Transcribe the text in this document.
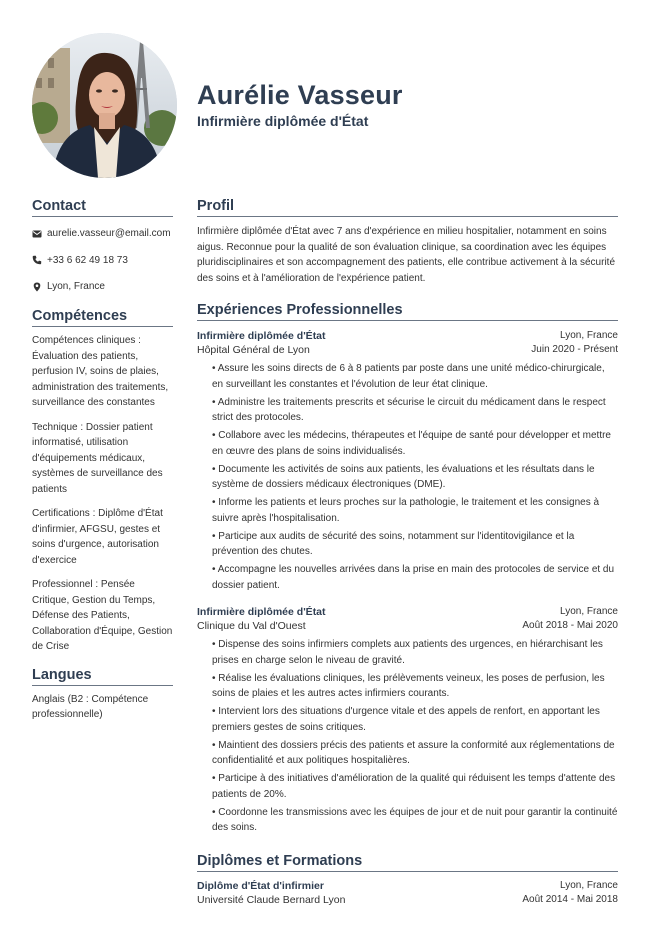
Aurélie Vasseur
Infirmière diplômée d'État
Contact
aurelie.vasseur@email.com
+33 6 62 49 18 73
Lyon, France
Compétences
Compétences cliniques : Évaluation des patients, perfusion IV, soins de plaies, administration des traitements, surveillance des constantes
Technique : Dossier patient informatisé, utilisation d'équipements médicaux, systèmes de surveillance des patients
Certifications : Diplôme d'État d'infirmier, AFGSU, gestes et soins d'urgence, autorisation d'exercice
Professionnel : Pensée Critique, Gestion du Temps, Défense des Patients, Collaboration d'Équipe, Gestion de Crise
Langues
Anglais (B2 : Compétence professionnelle)
Profil
Infirmière diplômée d'État avec 7 ans d'expérience en milieu hospitalier, notamment en soins aigus. Reconnue pour la qualité de son évaluation clinique, sa coordination avec les équipes pluridisciplinaires et son accompagnement des patients, elle contribue activement à la sécurité des soins et à l'amélioration de l'expérience patient.
Expériences Professionnelles
Infirmière diplômée d'État	Lyon, France
Hôpital Général de Lyon	Juin 2020 - Présent
• Assure les soins directs de 6 à 8 patients par poste dans une unité médico-chirurgicale, en surveillant les constantes et l'évolution de leur état clinique.
• Administre les traitements prescrits et sécurise le circuit du médicament dans le respect strict des protocoles.
• Collabore avec les médecins, thérapeutes et l'équipe de santé pour développer et mettre en œuvre des plans de soins individualisés.
• Documente les activités de soins aux patients, les évaluations et les résultats dans le système de dossiers médicaux électroniques (DME).
• Informe les patients et leurs proches sur la pathologie, le traitement et les consignes à suivre après l'hospitalisation.
• Participe aux audits de sécurité des soins, notamment sur l'identitovigilance et la prévention des chutes.
• Accompagne les nouvelles arrivées dans la prise en main des protocoles de service et du dossier patient.
Infirmière diplômée d'État	Lyon, France
Clinique du Val d'Ouest	Août 2018 - Mai 2020
• Dispense des soins infirmiers complets aux patients des urgences, en hiérarchisant les prises en charge selon le niveau de gravité.
• Réalise les évaluations cliniques, les prélèvements veineux, les poses de perfusion, les soins de plaies et les autres actes infirmiers courants.
• Intervient lors des situations d'urgence vitale et des appels de renfort, en apportant les premiers gestes de soins critiques.
• Maintient des dossiers précis des patients et assure la conformité aux réglementations de confidentialité et aux politiques hospitalières.
• Participe à des initiatives d'amélioration de la qualité qui réduisent les temps d'attente des patients de 20%.
• Coordonne les transmissions avec les équipes de jour et de nuit pour garantir la continuité des soins.
Diplômes et Formations
Diplôme d'État d'infirmier	Lyon, France
Université Claude Bernard Lyon	Août 2014 - Mai 2018
